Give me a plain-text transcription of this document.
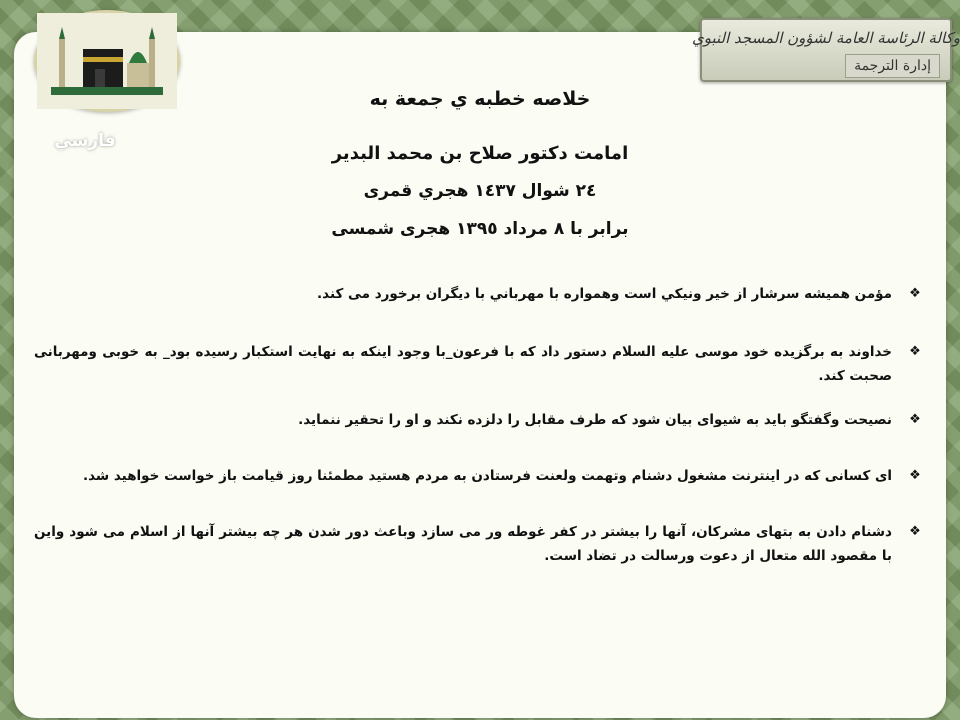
وكالة الرئاسة العامة لشؤون المسجد النبوي
إدارة الترجمة
فارسي
خلاصه خطبه ي جمعة به
امامت دكتور صلاح بن محمد البدير
٢٤ شوال ١٤٣٧ هجري قمری
برابر با ٨ مرداد ١٣٩٥ هجری شمسی
❖
مؤمن هميشه سرشار از خير ونيكي است وهمواره با مهرباني با ديگران برخورد مى كند.
❖
خداوند به برگزيده خود موسى عليه السلام دستور داد كه با فرعون_با وجود اينكه به نهايت استكبار رسيده بود_ به خوبى ومهربانى صحبت كند.
❖
نصيحت وگفتگو بايد به شيواى بيان شود كه طرف مقابل را دلزده نكند و او را تحقير ننمايد.
❖
اى كسانى كه در اينترنت مشغول دشنام وتهمت ولعنت فرستادن به مردم هستيد مطمئنا روز قيامت باز خواست خواهيد شد.
❖
دشنام دادن به بتهاى مشركان، آنها را بيشتر در كفر غوطه ور مى سازد وباعث دور شدن هر چه بيشتر آنها از اسلام مى شود واين با مقصود الله متعال از دعوت ورسالت در تضاد است.
